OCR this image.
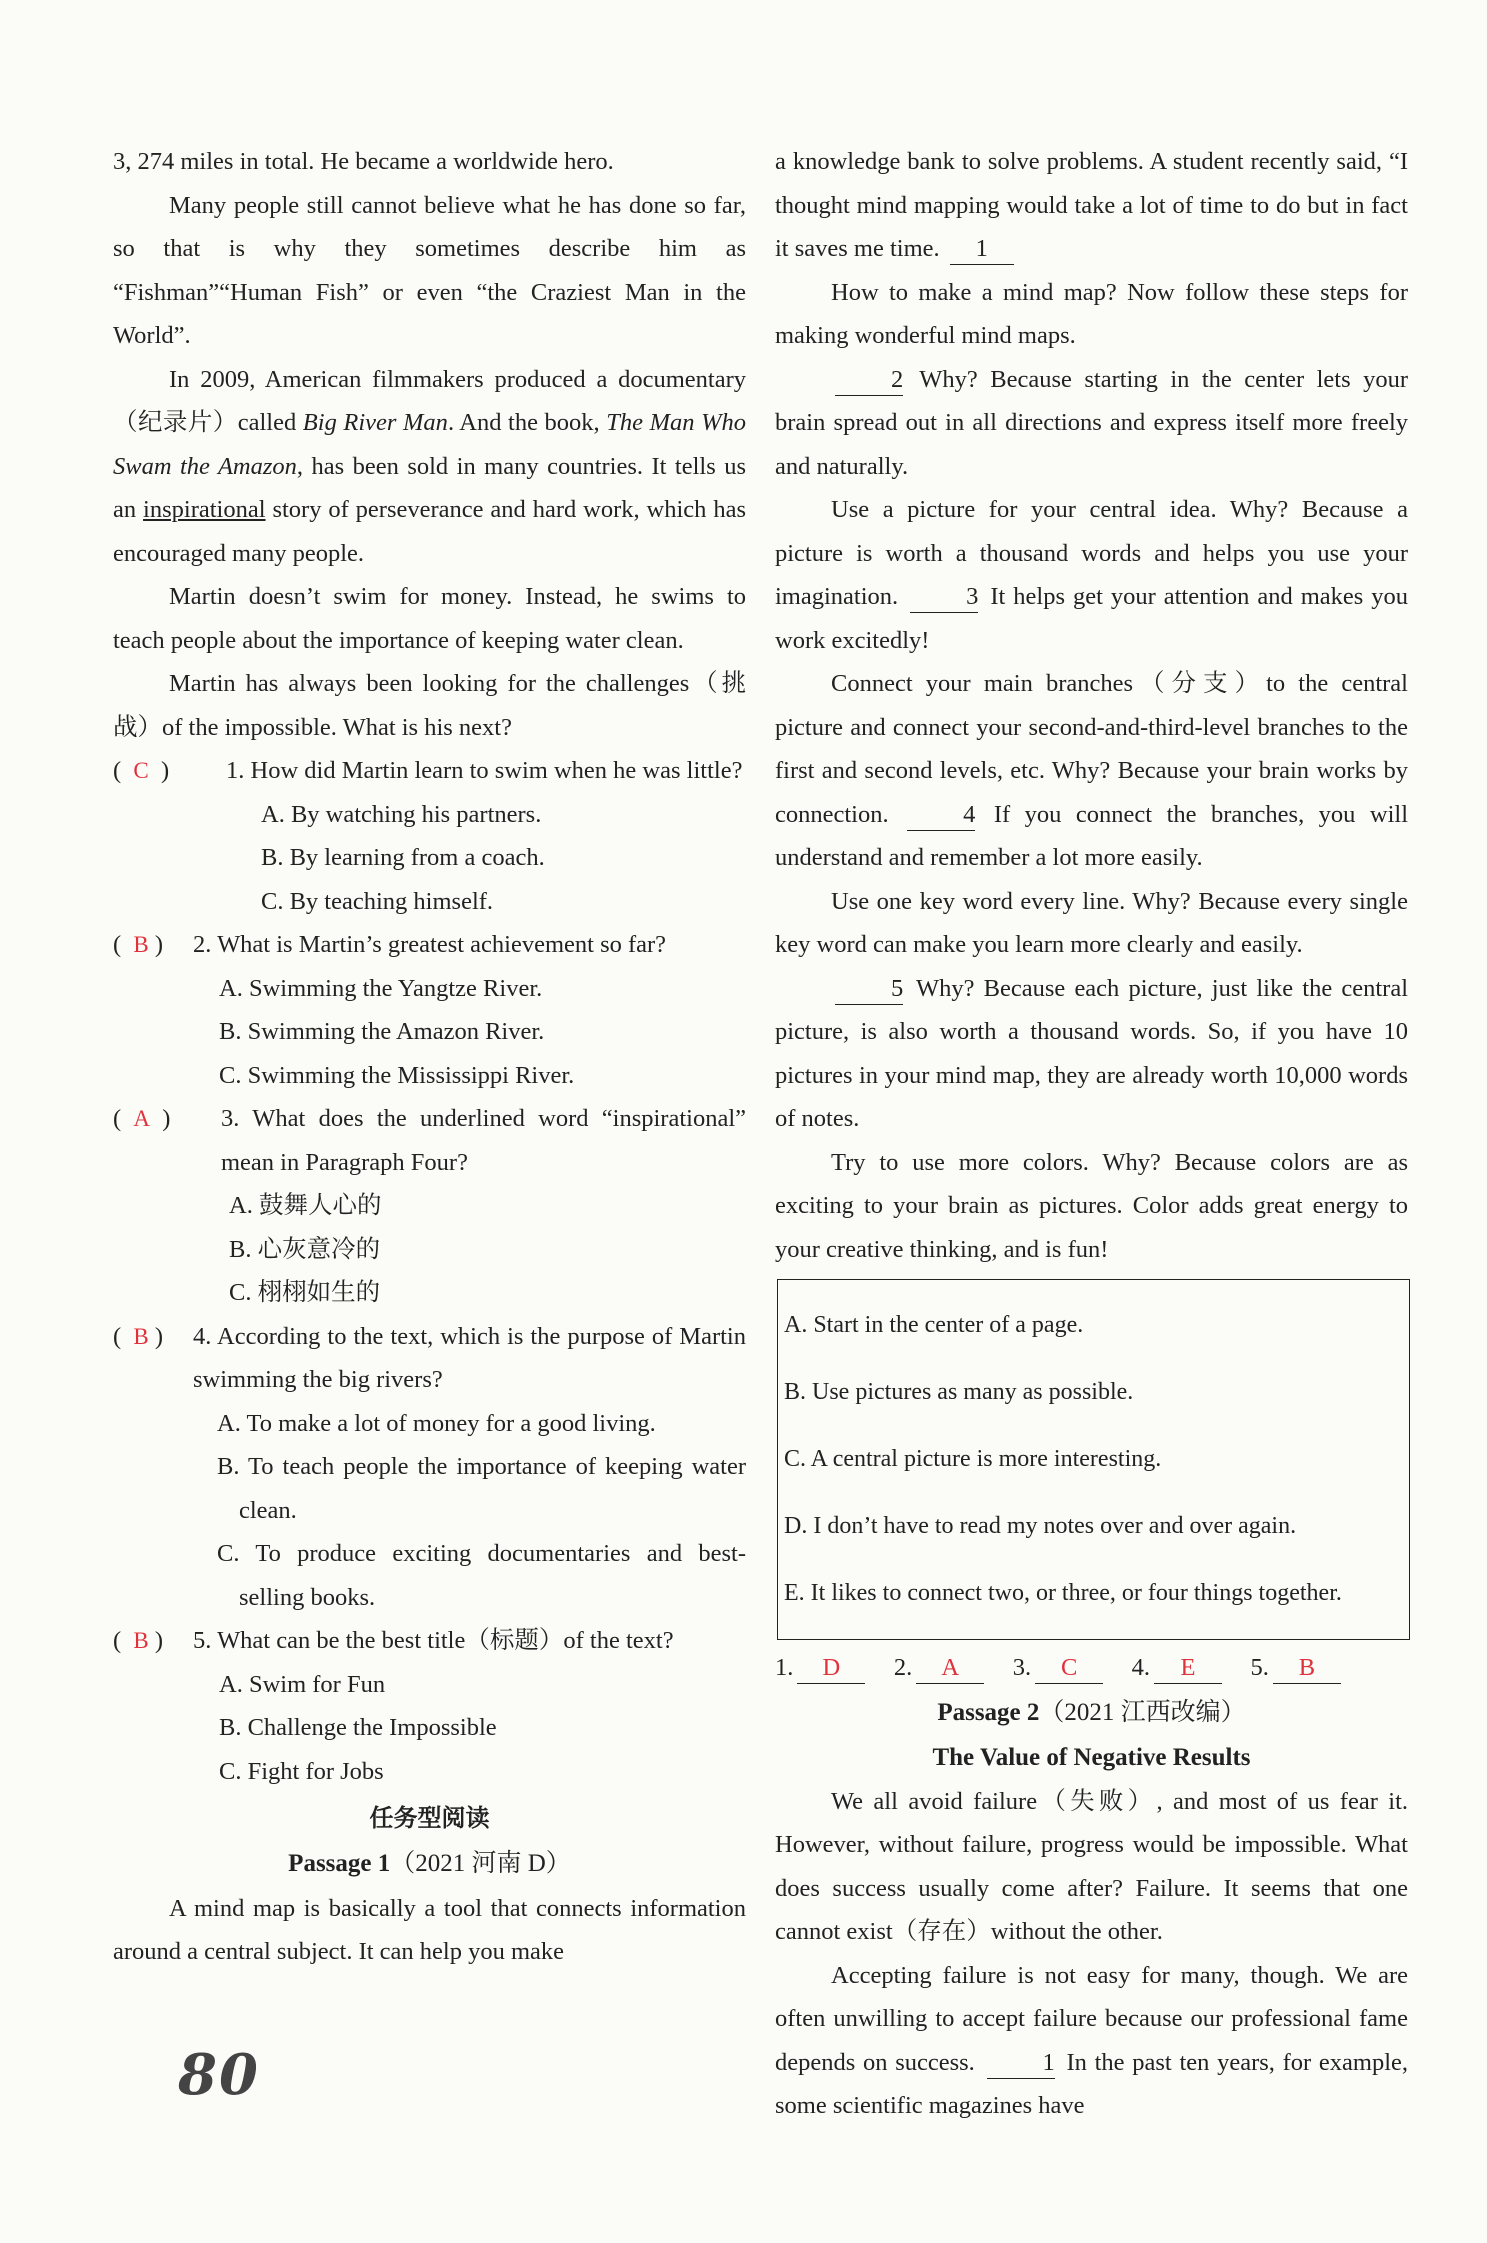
3, 274 miles in total. He became a worldwide hero.

Many people still cannot believe what he has done so far, so that is why they sometimes describe him as “Fishman”“Human Fish” or even “the Craziest Man in the World”.

In 2009, American filmmakers produced a documentary（纪录片）called Big River Man. And the book, The Man Who Swam the Amazon, has been sold in many countries. It tells us an inspirational story of perseverance and hard work, which has encouraged many people.

Martin doesn’t swim for money. Instead, he swims to teach people about the importance of keeping water clean.

Martin has always been looking for the challenges（挑战）of the impossible. What is his next?

(  C  )	1. How did Martin learn to swim when he was little?

A. By watching his partners.

B. By learning from a coach.

C. By teaching himself.

(  B )	2. What is Martin’s greatest achievement so far?

A. Swimming the Yangtze River.

B. Swimming the Amazon River.

C. Swimming the Mississippi River.

(  A  )	3. What does the underlined word “inspirational” mean in Paragraph Four?

A. 鼓舞人心的

B. 心灰意冷的

C. 栩栩如生的

(  B )	4. According to the text, which is the purpose of Martin swimming the big rivers?

A. To make a lot of money for a good living.

B. To teach people the importance of keeping water clean.

C. To produce exciting documentaries and best-selling books.

(  B )	5. What can be the best title（标题）of the text?

A. Swim for Fun

B. Challenge the Impossible

C. Fight for Jobs

任务型阅读

Passage 1（2021 河南 D）

A mind map is basically a tool that connects information around a central subject. It can help you make

80

a knowledge bank to solve problems. A student recently said, “I thought mind mapping would take a lot of time to do but in fact it saves me time. 1

How to make a mind map? Now follow these steps for making wonderful mind maps.

2 Why? Because starting in the center lets your brain spread out in all directions and express itself more freely and naturally.

Use a picture for your central idea. Why? Because a picture is worth a thousand words and helps you use your imagination.	3 It helps get your attention and makes you work excitedly!

Connect your main branches（分支）to the central picture and connect your second-and-third-level branches to the first and second levels, etc. Why? Because your brain works by connection.	4 If you connect the branches, you will understand and remember a lot more easily.

Use one key word every line. Why? Because every single key word can make you learn more clearly and easily.

5 Why? Because each picture, just like the central picture, is also worth a thousand words. So, if you have 10 pictures in your mind map, they are already worth 10,000 words of notes.

Try to use more colors. Why? Because colors are as exciting to your brain as pictures. Color adds great energy to your creative thinking, and is fun!

A. Start in the center of a page.

B. Use pictures as many as possible.

C. A central picture is more interesting.

D. I don’t have to read my notes over and over again.

E. It likes to connect two, or three, or four things together.

1. D 2. A 3. C 4. E 5. B

Passage 2（2021 江西改编）

The Value of Negative Results

We all avoid failure（失败）, and most of us fear it. However, without failure, progress would be impossible. What does success usually come after? Failure. It seems that one cannot exist（存在）without the other.

Accepting failure is not easy for many, though. We are often unwilling to accept failure because our professional fame depends on success.	1 In the past ten years, for example, some scientific magazines have
